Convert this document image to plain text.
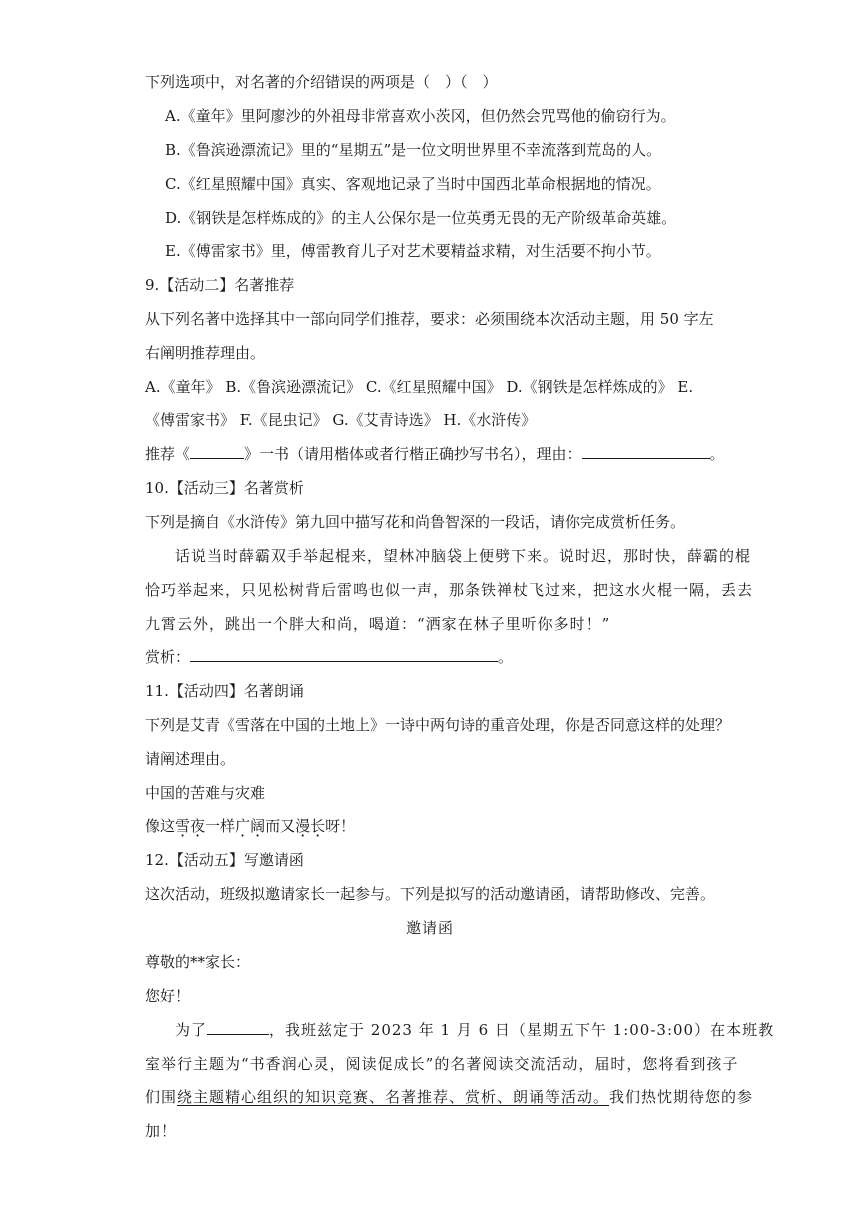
下列选项中，对名著的介绍错误的两项是（　）（　）
A.《童年》里阿廖沙的外祖母非常喜欢小茨冈，但仍然会咒骂他的偷窃行为。
B.《鲁滨逊漂流记》里的“星期五”是一位文明世界里不幸流落到荒岛的人。
C.《红星照耀中国》真实、客观地记录了当时中国西北革命根据地的情况。
D.《钢铁是怎样炼成的》的主人公保尔是一位英勇无畏的无产阶级革命英雄。
E.《傅雷家书》里，傅雷教育儿子对艺术要精益求精，对生活要不拘小节。
9.【活动二】名著推荐
从下列名著中选择其中一部向同学们推荐，要求：必须围绕本次活动主题，用 50 字左
右阐明推荐理由。
A.《童年》 B.《鲁滨逊漂流记》 C.《红星照耀中国》 D.《钢铁是怎样炼成的》 E.
《傅雷家书》 F.《昆虫记》 G.《艾青诗选》 H.《水浒传》
推荐《	》一书（请用楷体或者行楷正确抄写书名），理由：	。
10.【活动三】名著赏析
下列是摘自《水浒传》第九回中描写花和尚鲁智深的一段话，请你完成赏析任务。
话说当时薛霸双手举起棍来，望林冲脑袋上便劈下来。说时迟，那时快，薛霸的棍
恰巧举起来，只见松树背后雷鸣也似一声，那条铁禅杖飞过来，把这水火棍一隔，丢去
九霄云外，跳出一个胖大和尚，喝道：“洒家在林子里听你多时！”
赏析：	。
11.【活动四】名著朗诵
下列是艾青《雪落在中国的土地上》一诗中两句诗的重音处理，你是否同意这样的处理？
请阐述理由。
中国的苦难与灾难
像这雪夜一样广阔而又漫长呀！
12.【活动五】写邀请函
这次活动，班级拟邀请家长一起参与。下列是拟写的活动邀请函，请帮助修改、完善。
邀请函
尊敬的**家长：
您好！
为了	，我班兹定于 2023 年 1 月 6 日（星期五下午 1:00-3:00）在本班教
室举行主题为“书香润心灵，阅读促成长”的名著阅读交流活动，届时，您将看到孩子
们围绕主题精心组织的知识竞赛、名著推荐、赏析、朗诵等活动。我们热忱期待您的参
加！
